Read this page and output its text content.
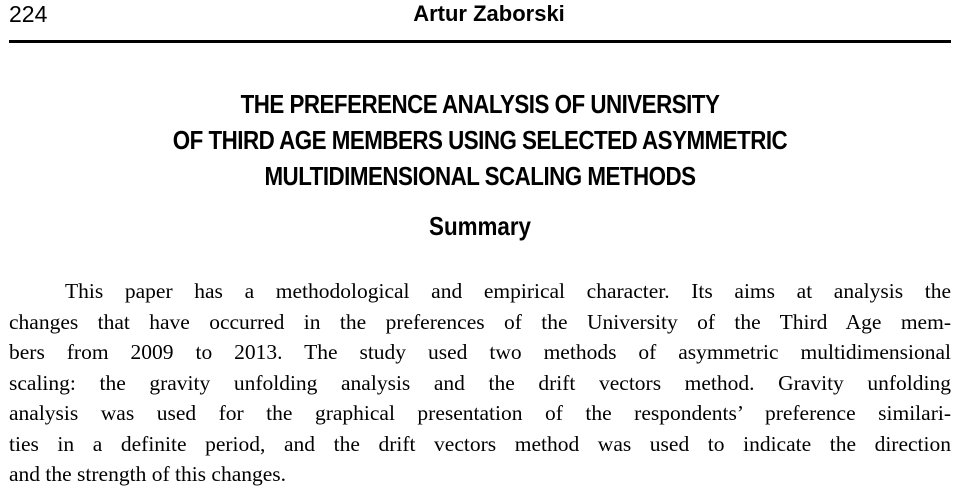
224	Artur Zaborski
THE PREFERENCE ANALYSIS OF UNIVERSITY
OF THIRD AGE MEMBERS USING SELECTED ASYMMETRIC
MULTIDIMENSIONAL SCALING METHODS
Summary
This paper has a methodological and empirical character. Its aims at analysis the
changes that have occurred in the preferences of the University of the Third Age mem-
bers from 2009 to 2013. The study used two methods of asymmetric multidimensional
scaling: the gravity unfolding analysis and the drift vectors method. Gravity unfolding
analysis was used for the graphical presentation of the respondents’ preference similari-
ties in a definite period, and the drift vectors method was used to indicate the direction
and the strength of this changes.
